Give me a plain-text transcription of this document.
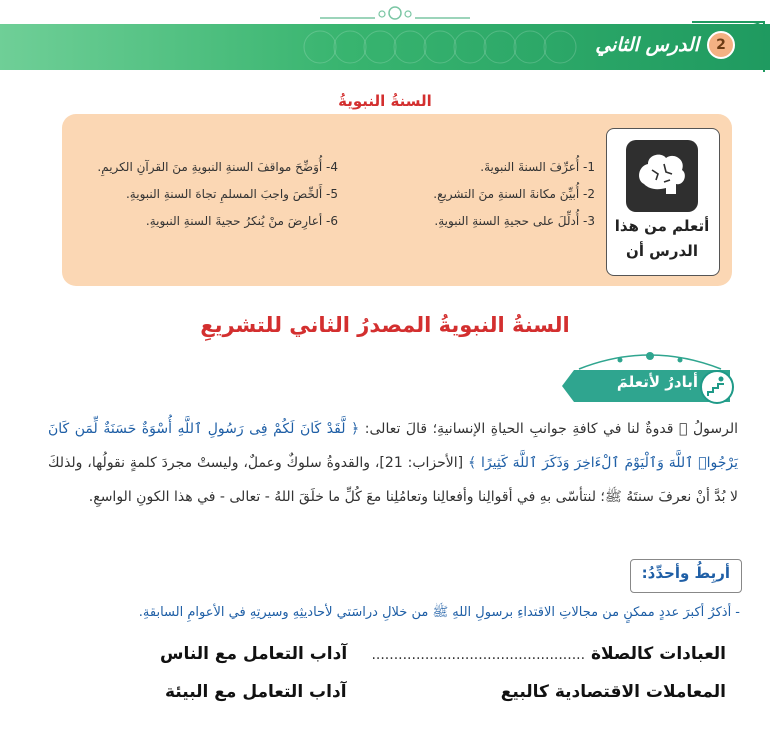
2
الدرس الثاني
السنةُ النبويةُ
أتعلم من هذا
الدرس أن
1- أُعرِّفَ السنةَ النبويةَ.
2- أُبيِّنَ مكانةَ السنةِ منَ التشريعِ.
3- أُدلِّلَ على حجيةِ السنةِ النبويةِ.
4- أُوَضِّحَ مواقفَ السنةِ النبويةِ منَ القرآنِ الكريمِ.
5- أَلخِّصَ واجبَ المسلمِ تجاهَ السنةِ النبويةِ.
6- أعارِضَ منْ يُنكرُ حجيةَ السنةِ النبويةِ.
السنةُ النبويةُ المصدرُ الثاني للتشريعِ
أبادرُ لأتعلمَ
الرسولُ ﷺ قدوةٌ لنا في كافةِ جوانبِ الحياةِ الإنسانيةِ؛ قالَ تعالى: ﴿ لَّقَدْ كَانَ لَكُمْ فِى رَسُولِ ٱللَّهِ أُسْوَةٌ حَسَنَةٌ لِّمَن كَانَ يَرْجُوا۟ ٱللَّهَ وَٱلْيَوْمَ ٱلْءَاخِرَ وَذَكَرَ ٱللَّهَ كَثِيرًا ﴾ [الأحزاب: 21]، والقدوةُ سلوكٌ وعملٌ، وليستْ مجردَ كلمةٍ نقولُها، ولذلكَ لا بُدَّ أنْ نعرفَ سنتَهُ ﷺ؛ لنتأسّى بهِ في أقوالِنا وأفعالِنا وتعامُلِنا معَ كُلِّ ما خلَقَ اللهُ - تعالى - في هذا الكونِ الواسعِ.
أربِطُ وأحدِّدُ:
- أذكرُ أكبرَ عددٍ ممكنٍ من مجالاتِ الاقتداءِ برسولِ اللهِ ﷺ من خلالِ دراسَتي لأحاديثِهِ وسيرتِهِ في الأعوامِ السابقةِ.
العبادات كالصلاة ................................................
آداب التعامل مع الناس
المعاملات الاقتصادية كالبيع
آداب التعامل مع البيئة
